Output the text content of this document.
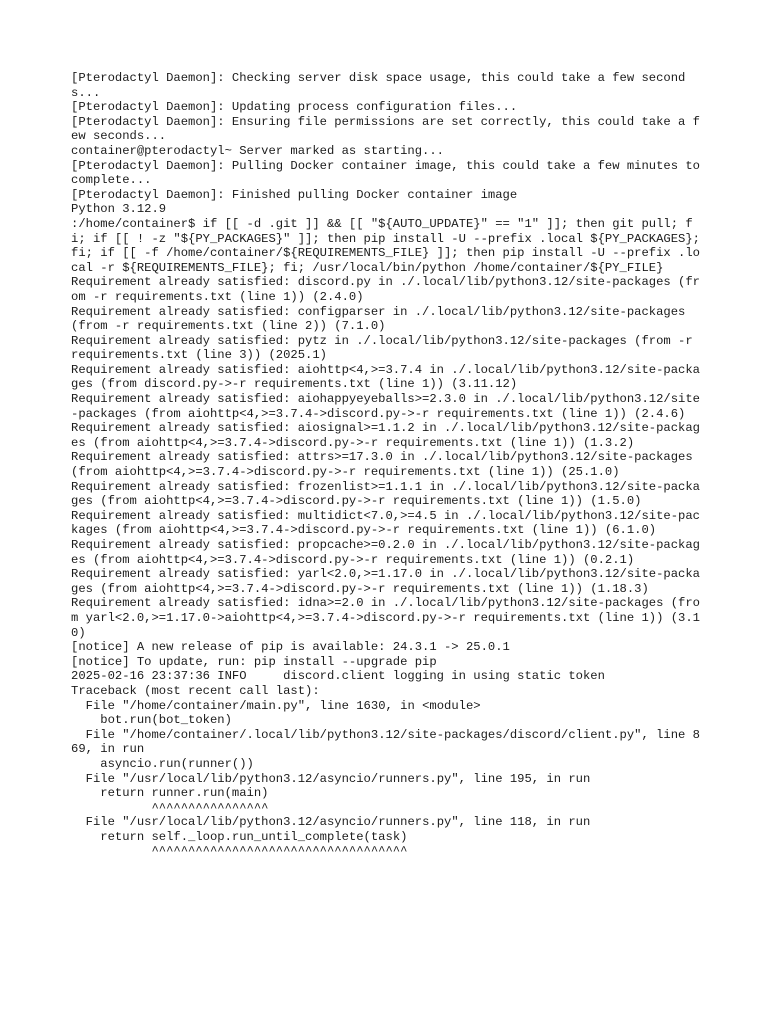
[Pterodactyl Daemon]: Checking server disk space usage, this could take a few seconds...
[Pterodactyl Daemon]: Updating process configuration files...
[Pterodactyl Daemon]: Ensuring file permissions are set correctly, this could take a few seconds...
container@pterodactyl~ Server marked as starting...
[Pterodactyl Daemon]: Pulling Docker container image, this could take a few minutes to complete...
[Pterodactyl Daemon]: Finished pulling Docker container image
Python 3.12.9
:/home/container$ if [[ -d .git ]] && [[ "${AUTO_UPDATE}" == "1" ]]; then git pull; fi; if [[ ! -z "${PY_PACKAGES}" ]]; then pip install -U --prefix .local ${PY_PACKAGES}; fi; if [[ -f /home/container/${REQUIREMENTS_FILE} ]]; then pip install -U --prefix .local -r ${REQUIREMENTS_FILE}; fi; /usr/local/bin/python /home/container/${PY_FILE}
Requirement already satisfied: discord.py in ./.local/lib/python3.12/site-packages (from -r requirements.txt (line 1)) (2.4.0)
Requirement already satisfied: configparser in ./.local/lib/python3.12/site-packages (from -r requirements.txt (line 2)) (7.1.0)
Requirement already satisfied: pytz in ./.local/lib/python3.12/site-packages (from -r requirements.txt (line 3)) (2025.1)
Requirement already satisfied: aiohttp<4,>=3.7.4 in ./.local/lib/python3.12/site-packages (from discord.py->-r requirements.txt (line 1)) (3.11.12)
Requirement already satisfied: aiohappyeyeballs>=2.3.0 in ./.local/lib/python3.12/site-packages (from aiohttp<4,>=3.7.4->discord.py->-r requirements.txt (line 1)) (2.4.6)
Requirement already satisfied: aiosignal>=1.1.2 in ./.local/lib/python3.12/site-packages (from aiohttp<4,>=3.7.4->discord.py->-r requirements.txt (line 1)) (1.3.2)
Requirement already satisfied: attrs>=17.3.0 in ./.local/lib/python3.12/site-packages (from aiohttp<4,>=3.7.4->discord.py->-r requirements.txt (line 1)) (25.1.0)
Requirement already satisfied: frozenlist>=1.1.1 in ./.local/lib/python3.12/site-packages (from aiohttp<4,>=3.7.4->discord.py->-r requirements.txt (line 1)) (1.5.0)
Requirement already satisfied: multidict<7.0,>=4.5 in ./.local/lib/python3.12/site-packages (from aiohttp<4,>=3.7.4->discord.py->-r requirements.txt (line 1)) (6.1.0)
Requirement already satisfied: propcache>=0.2.0 in ./.local/lib/python3.12/site-packages (from aiohttp<4,>=3.7.4->discord.py->-r requirements.txt (line 1)) (0.2.1)
Requirement already satisfied: yarl<2.0,>=1.17.0 in ./.local/lib/python3.12/site-packages (from aiohttp<4,>=3.7.4->discord.py->-r requirements.txt (line 1)) (1.18.3)
Requirement already satisfied: idna>=2.0 in ./.local/lib/python3.12/site-packages (from yarl<2.0,>=1.17.0->aiohttp<4,>=3.7.4->discord.py->-r requirements.txt (line 1)) (3.10)
[notice] A new release of pip is available: 24.3.1 -> 25.0.1
[notice] To update, run: pip install --upgrade pip
2025-02-16 23:37:36 INFO     discord.client logging in using static token
Traceback (most recent call last):
File "/home/container/main.py", line 1630, in <module>
bot.run(bot_token)
File "/home/container/.local/lib/python3.12/site-packages/discord/client.py", line 869, in run
asyncio.run(runner())
File "/usr/local/lib/python3.12/asyncio/runners.py", line 195, in run
return runner.run(main)
^^^^^^^^^^^^^^^^
File "/usr/local/lib/python3.12/asyncio/runners.py", line 118, in run
return self._loop.run_until_complete(task)
^^^^^^^^^^^^^^^^^^^^^^^^^^^^^^^^^^^
